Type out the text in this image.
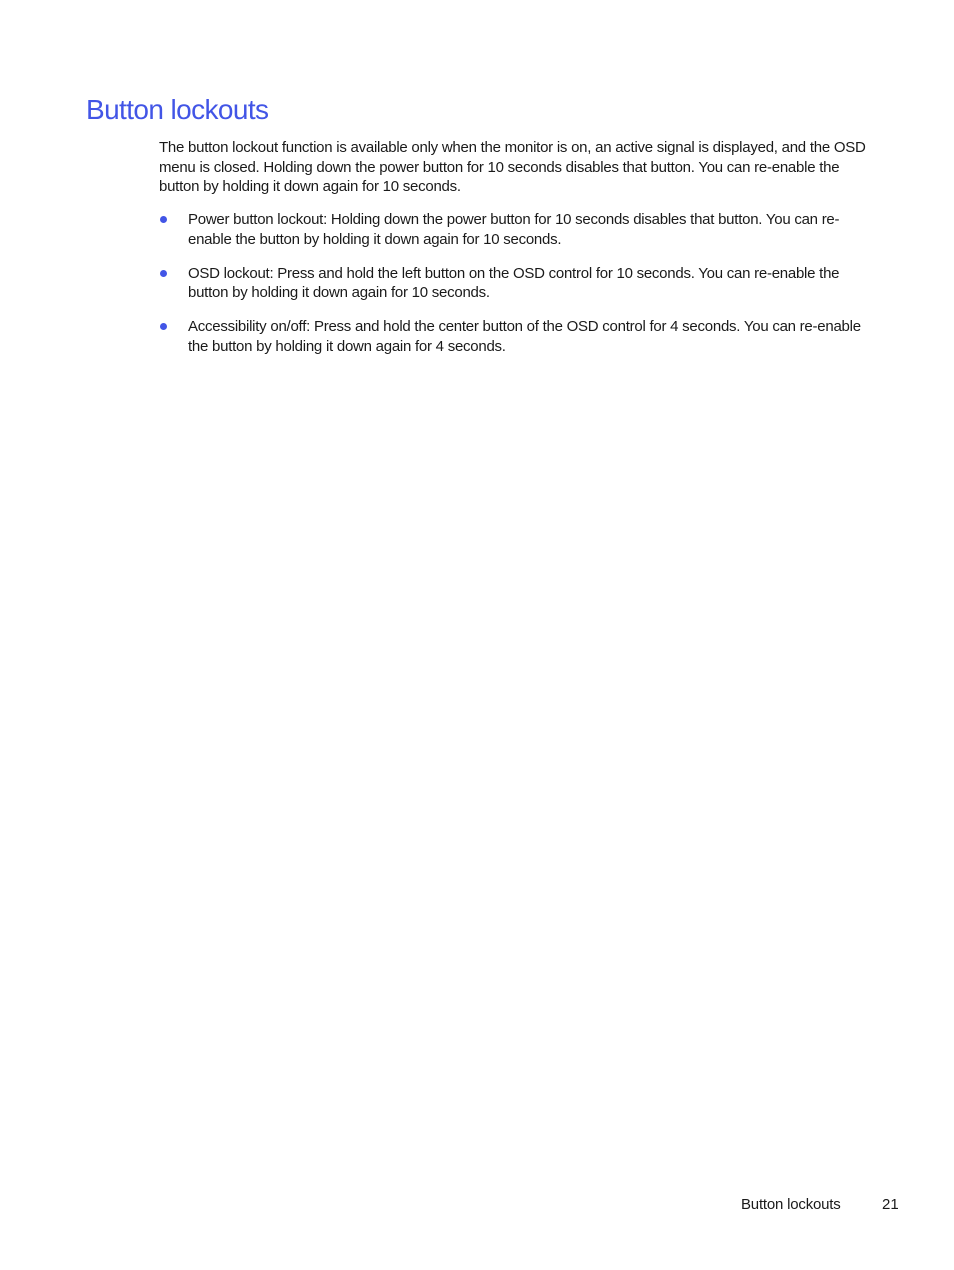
Button lockouts

The button lockout function is available only when the monitor is on, an active signal is displayed, and the OSD menu is closed. Holding down the power button for 10 seconds disables that button. You can re-enable the button by holding it down again for 10 seconds.

Power button lockout: Holding down the power button for 10 seconds disables that button. You can re-enable the button by holding it down again for 10 seconds.
OSD lockout: Press and hold the left button on the OSD control for 10 seconds. You can re-enable the button by holding it down again for 10 seconds.
Accessibility on/off: Press and hold the center button of the OSD control for 4 seconds. You can re-enable the button by holding it down again for 4 seconds.
Button lockouts	21
